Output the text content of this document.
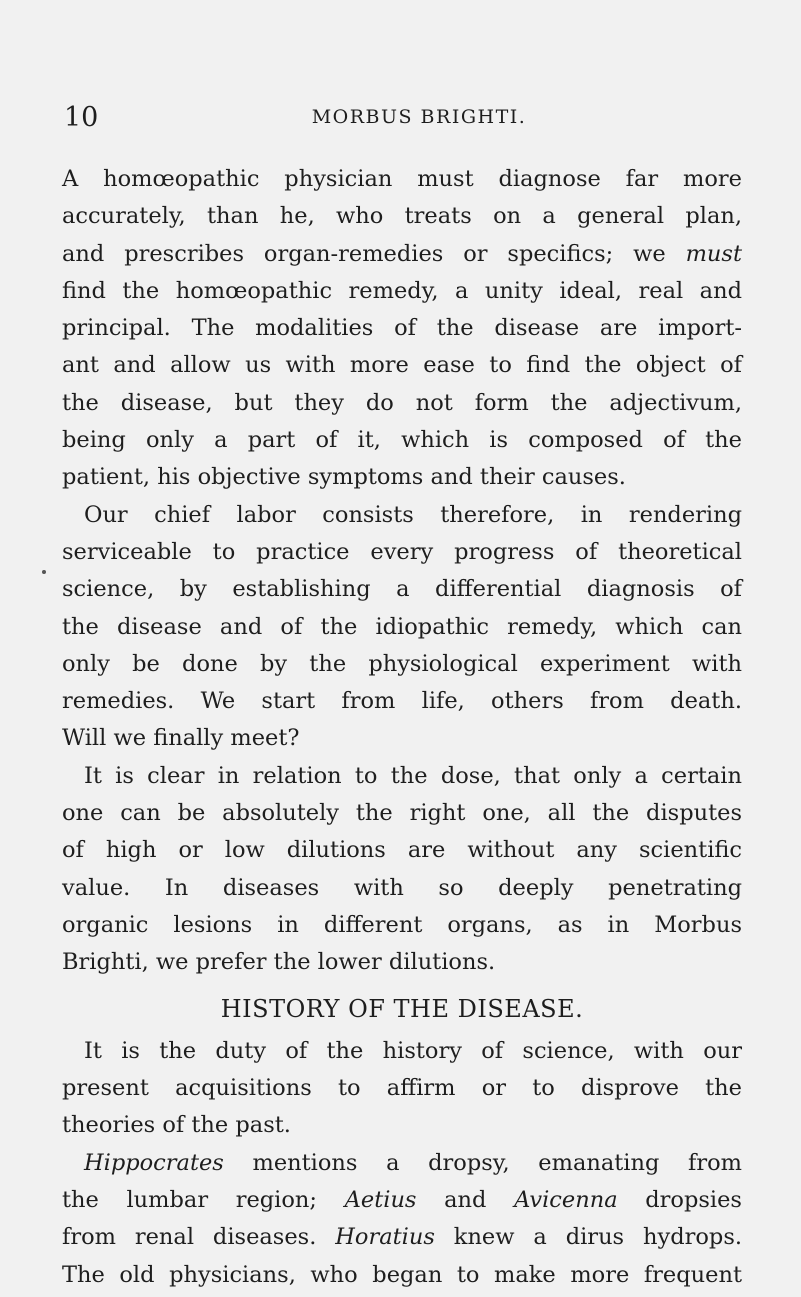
10	MORBUS BRIGHTI.
A homœopathic physician must diagnose far more
accurately, than he, who treats on a general plan,
and prescribes organ-remedies or specifics; we must
find the homœopathic remedy, a unity ideal, real and
principal. The modalities of the disease are import-
ant and allow us with more ease to find the object of
the disease, but they do not form the adjectivum,
being only a part of it, which is composed of the
patient, his objective symptoms and their causes.
Our chief labor consists therefore, in rendering
serviceable to practice every progress of theoretical
science, by establishing a differential diagnosis of
the disease and of the idiopathic remedy, which can
only be done by the physiological experiment with
remedies. We start from life, others from death.
Will we finally meet?
It is clear in relation to the dose, that only a certain
one can be absolutely the right one, all the disputes
of high or low dilutions are without any scientific
value. In diseases with so deeply penetrating
organic lesions in different organs, as in Morbus
Brighti, we prefer the lower dilutions.
HISTORY OF THE DISEASE.
It is the duty of the history of science, with our
present acquisitions to affirm or to disprove the
theories of the past.
Hippocrates mentions a dropsy, emanating from
the lumbar region; Aetius and Avicenna dropsies
from renal diseases. Horatius knew a dirus hydrops.
The old physicians, who began to make more frequent
